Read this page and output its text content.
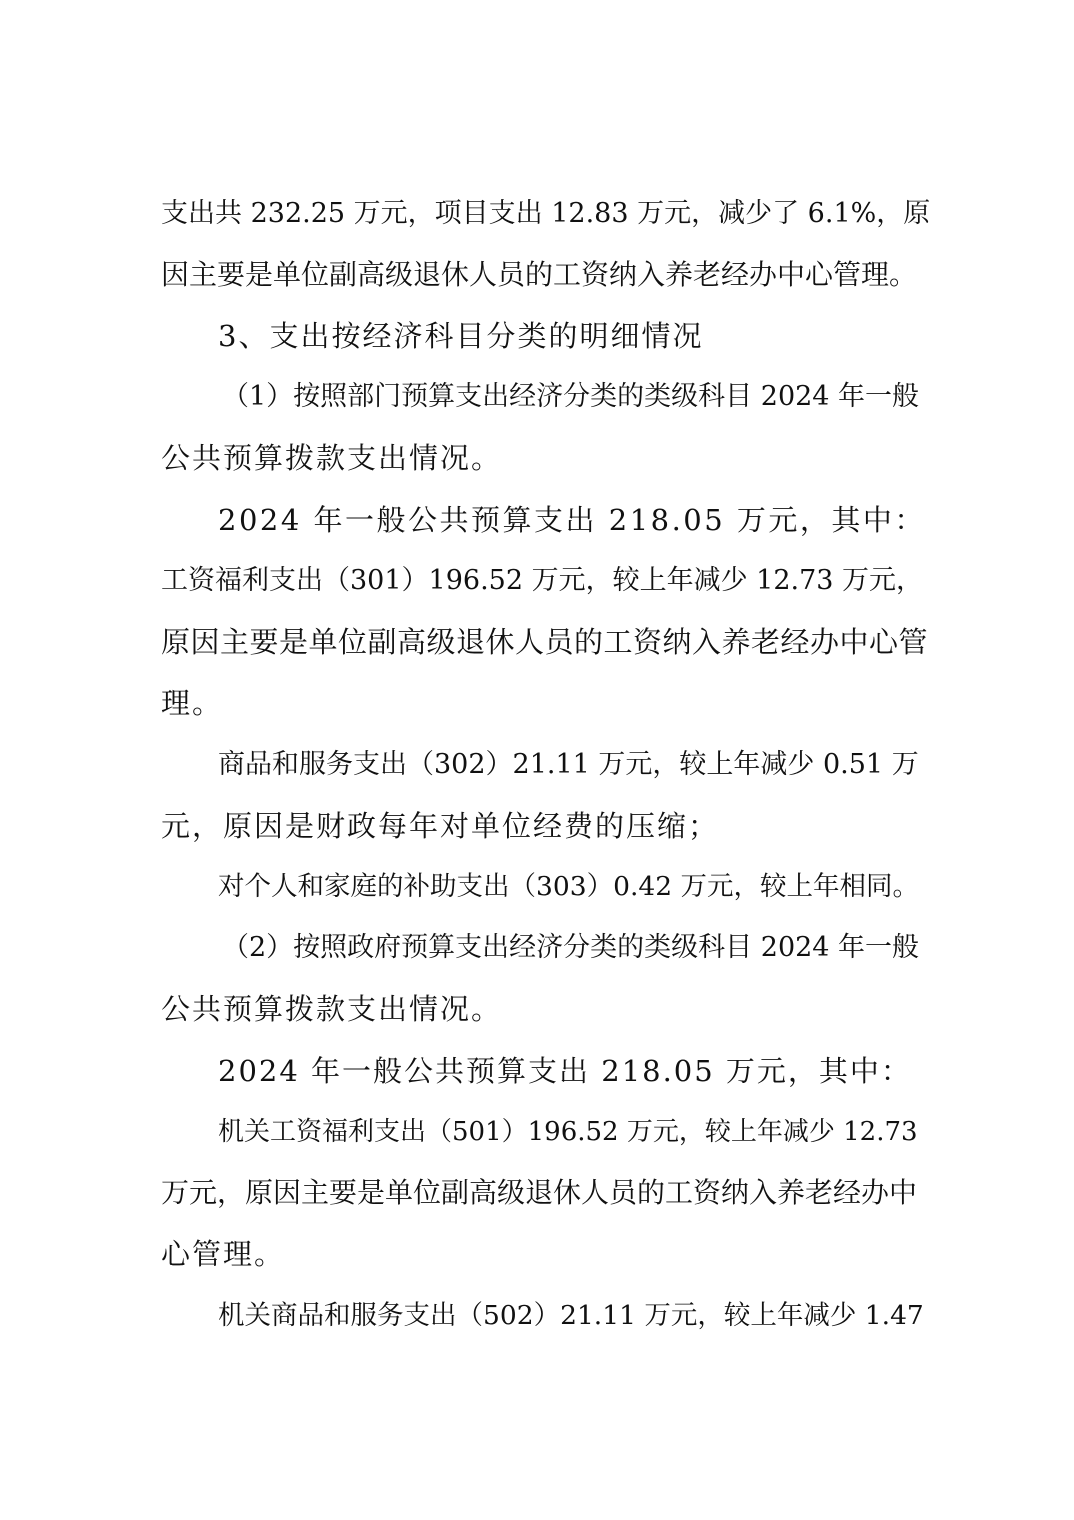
支出共 232.25 万元，项目支出 12.83 万元，减少了 6.1%，原
因主要是单位副高级退休人员的工资纳入养老经办中心管理。
3、支出按经济科目分类的明细情况
（1）按照部门预算支出经济分类的类级科目 2024 年一般
公共预算拨款支出情况。
2024 年一般公共预算支出 218.05 万元，其中：
工资福利支出（301）196.52 万元，较上年减少 12.73 万元，
原因主要是单位副高级退休人员的工资纳入养老经办中心管
理。
商品和服务支出（302）21.11 万元，较上年减少 0.51 万
元，原因是财政每年对单位经费的压缩；
对个人和家庭的补助支出（303）0.42 万元，较上年相同。
（2）按照政府预算支出经济分类的类级科目 2024 年一般
公共预算拨款支出情况。
2024 年一般公共预算支出 218.05 万元，其中：
机关工资福利支出（501）196.52 万元，较上年减少 12.73
万元，原因主要是单位副高级退休人员的工资纳入养老经办中
心管理。
机关商品和服务支出（502）21.11 万元，较上年减少 1.47
